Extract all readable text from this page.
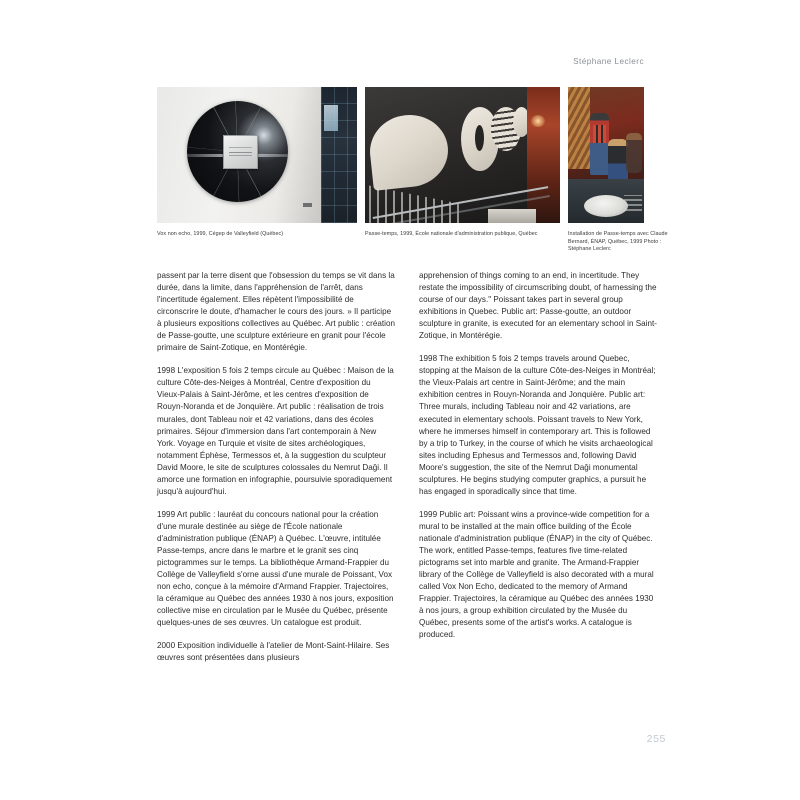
Stéphane Leclerc
Vox non echo, 1999, Cégep de Valleyfield (Québec)	Passe-temps, 1999, École nationale d'administration publique, Québec	Installation de Passe-temps avec Claude Bernard, ÉNAP, Québec, 1999 Photo : Stéphane Leclerc

passent par la terre disent que l'obsession du temps se vit dans la durée, dans la limite, dans l'appréhension de l'arrêt, dans l'incertitude également. Elles répètent l'impossibilité de circonscrire le doute, d'hamacher le cours des jours. » Il participe à plusieurs expositions collectives au Québec. Art public : création de Passe-goutte, une sculpture extérieure en granit pour l'école primaire de Saint-Zotique, en Montérégie.

1998 L'exposition 5 fois 2 temps circule au Québec : Maison de la culture Côte-des-Neiges à Montréal, Centre d'exposition du Vieux-Palais à Saint-Jérôme, et les centres d'exposition de Rouyn-Noranda et de Jonquière. Art public : réalisation de trois murales, dont Tableau noir et 42 variations, dans des écoles primaires. Séjour d'immersion dans l'art contemporain à New York. Voyage en Turquie et visite de sites archéologiques, notamment Éphèse, Termessos et, à la suggestion du sculpteur David Moore, le site de sculptures colossales du Nemrut Daği. Il amorce une formation en infographie, poursuivie sporadiquement jusqu'à aujourd'hui.

1999 Art public : lauréat du concours national pour la création d'une murale destinée au siège de l'École nationale d'administration publique (ÉNAP) à Québec. L'œuvre, intitulée Passe-temps, ancre dans le marbre et le granit ses cinq pictogrammes sur le temps. La bibliothèque Armand-Frappier du Collège de Valleyfield s'orne aussi d'une murale de Poissant, Vox non echo, conçue à la mémoire d'Armand Frappier. Trajectoires, la céramique au Québec des années 1930 à nos jours, exposition collective mise en circulation par le Musée du Québec, présente quelques-unes de ses œuvres. Un catalogue est produit.

2000 Exposition individuelle à l'atelier de Mont-Saint-Hilaire. Ses œuvres sont présentées dans plusieurs

apprehension of things coming to an end, in incertitude. They restate the impossibility of circumscribing doubt, of harnessing the course of our days." Poissant takes part in several group exhibitions in Quebec. Public art: Passe-goutte, an outdoor sculpture in granite, is executed for an elementary school in Saint-Zotique, in Montérégie.

1998 The exhibition 5 fois 2 temps travels around Quebec, stopping at the Maison de la culture Côte-des-Neiges in Montréal; the Vieux-Palais art centre in Saint-Jérôme; and the main exhibition centres in Rouyn-Noranda and Jonquière. Public art: Three murals, including Tableau noir and 42 variations, are executed in elementary schools. Poissant travels to New York, where he immerses himself in contemporary art. This is followed by a trip to Turkey, in the course of which he visits archaeological sites including Ephesus and Termessos and, following David Moore's suggestion, the site of the Nemrut Daği monumental sculptures. He begins studying computer graphics, a pursuit he has engaged in sporadically since that time.

1999 Public art: Poissant wins a province-wide competition for a mural to be installed at the main office building of the École nationale d'administration publique (ÉNAP) in the city of Québec. The work, entitled Passe-temps, features five time-related pictograms set into marble and granite. The Armand-Frappier library of the Collège de Valleyfield is also decorated with a mural called Vox Non Echo, dedicated to the memory of Armand Frappier. Trajectoires, la céramique au Québec des années 1930 à nos jours, a group exhibition circulated by the Musée du Québec, presents some of the artist's works. A catalogue is produced.

255
